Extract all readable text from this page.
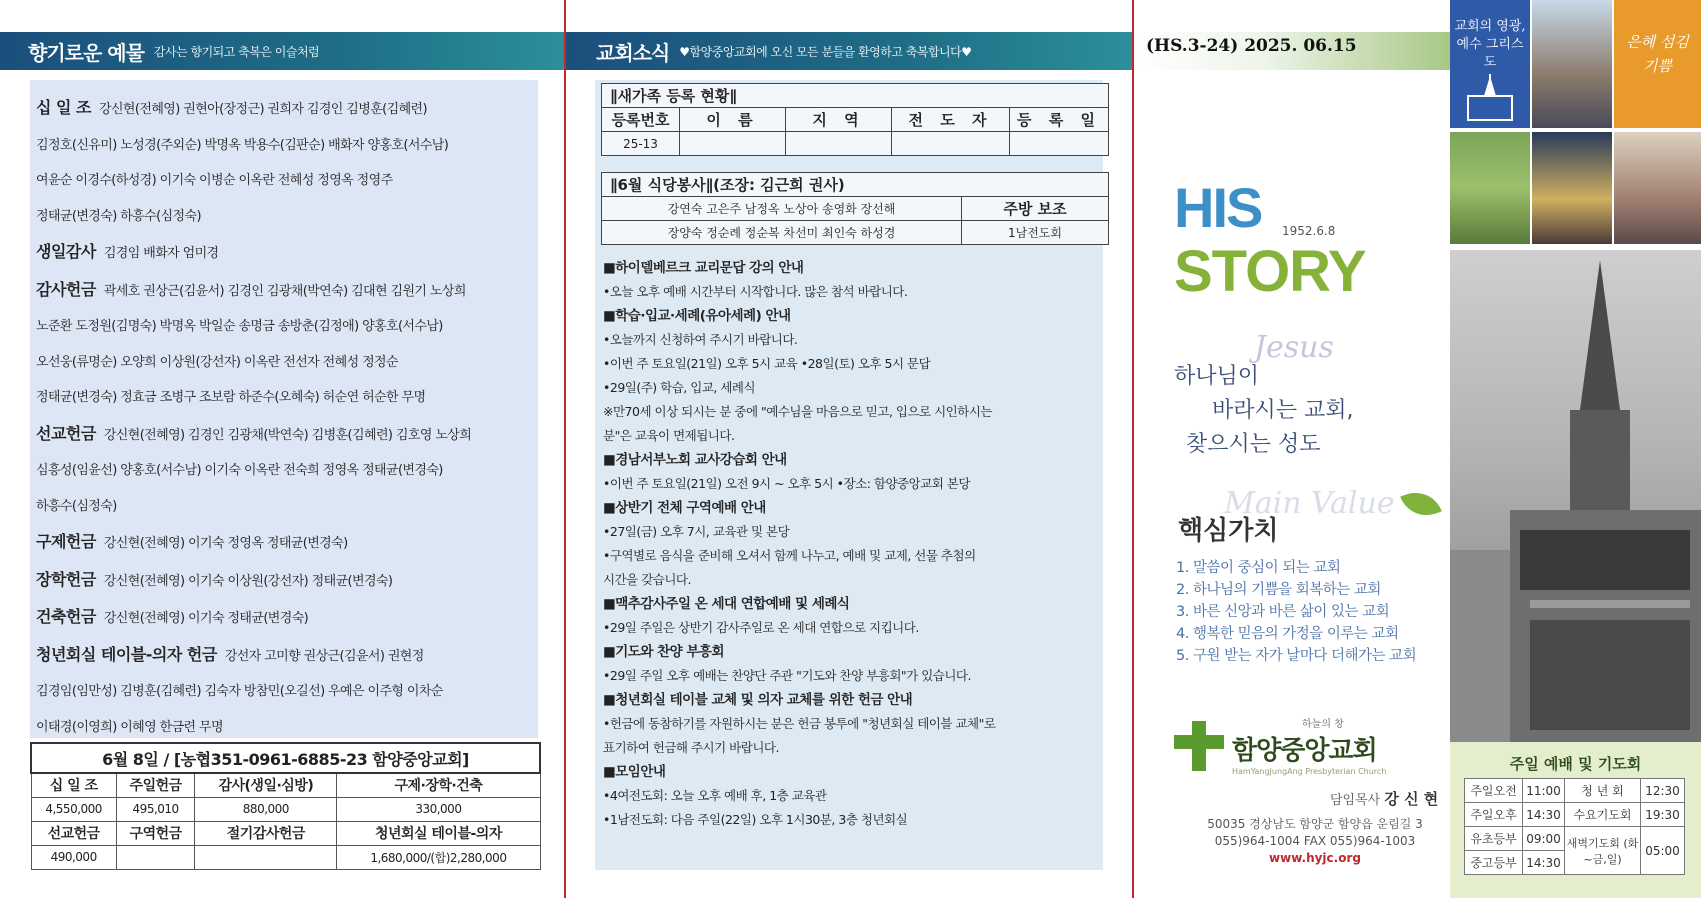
향기로운 예물 감사는 향기되고 축복은 이슬처럼
십 일 조 강신현(전혜영) 권현아(장정근) 권희자 김경인 김병훈(김혜련)
김정호(신유미) 노성경(주외순) 박명옥 박용수(김판순) 배화자 양홍호(서수남)
여윤순 이경수(하성경) 이기숙 이병순 이옥란 전혜성 정영옥 정영주
정태균(변경숙) 하흥수(심정숙)
생일감사 김경임 배화자 엄미경
감사헌금 곽세호 권상근(김윤서) 김경인 김광채(박연숙) 김대현 김원기 노상희
노준환 도정원(김명숙) 박명옥 박일순 송명금 송방춘(김정애) 양홍호(서수남)
오선웅(류명순) 오양희 이상원(강선자) 이옥란 전선자 전혜성 정정순
정태균(변경숙) 정효금 조병구 조보람 하준수(오혜숙) 허순연 허순한 무명
선교헌금 강신현(전혜영) 김경인 김광채(박연숙) 김병훈(김혜련) 김호영 노상희
심흥성(임윤선) 양홍호(서수남) 이기숙 이옥란 전숙희 정영옥 정태균(변경숙)
하흥수(심정숙)
구제헌금 강신현(전혜영) 이기숙 정영옥 정태균(변경숙)
장학헌금 강신현(전혜영) 이기숙 이상원(강선자) 정태균(변경숙)
건축헌금 강신현(전혜영) 이기숙 정태균(변경숙)
청년회실 테이블-의자 헌금 강선자 고미향 권상근(김윤서) 권현정
김경임(임만성) 김병훈(김혜련) 김숙자 방참민(오길선) 우예은 이주형 이차순
이태경(이영희) 이혜영 한금련 무명
6월 8일 / [농협351-0961-6885-23 함양중앙교회]			
십 일 조	주일헌금	감사(생일·심방)	구제·장학·건축
4,550,000	495,010	880,000	330,000
선교헌금	구역헌금	절기감사헌금	청년회실 테이블-의자
490,000			1,680,000/(합)2,280,000
교회소식 ♥함양중앙교회에 오신 모든 분들을 환영하고 축복합니다♥
∥새가족 등록 현황∥				
등록번호	이 름	지 역	전 도 자	등 록 일
25-13				
∥6월 식당봉사∥(조장: 김근희 권사)	
강연숙 고은주 남정옥 노상아 송영화 장선해	주방 보조
장양숙 정순례 정순복 차선미 최인숙 하성경	1남전도회
■하이델베르크 교리문답 강의 안내
•오늘 오후 예배 시간부터 시작합니다. 많은 참석 바랍니다.
■학습·입교·세례(유아세례) 안내
•오늘까지 신청하여 주시기 바랍니다.
•이번 주 토요일(21일) 오후 5시 교육 •28일(토) 오후 5시 문답
•29일(주) 학습, 입교, 세례식
※만70세 이상 되시는 분 중에 "예수님을 마음으로 믿고, 입으로 시인하시는
분"은 교육이 면제됩니다.
■경남서부노회 교사강습회 안내
•이번 주 토요일(21일) 오전 9시 ~ 오후 5시 •장소: 함양중앙교회 본당
■상반기 전체 구역예배 안내
•27일(금) 오후 7시, 교육관 및 본당
•구역별로 음식을 준비해 오셔서 함께 나누고, 예배 및 교제, 선물 추첨의
시간을 갖습니다.
■맥추감사주일 온 세대 연합예배 및 세례식
•29일 주일은 상반기 감사주일로 온 세대 연합으로 지킵니다.
■기도와 찬양 부흥회
•29일 주일 오후 예배는 찬양단 주관 "기도와 찬양 부흥회"가 있습니다.
■청년회실 테이블 교체 및 의자 교체를 위한 헌금 안내
•헌금에 동참하기를 자원하시는 분은 헌금 봉투에 "청년회실 테이블 교체"로
표기하여 헌금해 주시기 바랍니다.
■모임안내
•4여전도회: 오늘 오후 예배 후, 1층 교육관
•1남전도회: 다음 주일(22일) 오후 1시30분, 3층 청년회실
(HS.3-24) 2025. 06.15
HIS 1952.6.8
STORY
Jesus
하나님이
바라시는 교회,
찾으시는 성도
Main Value
핵심가치
1. 말씀이 중심이 되는 교회
2. 하나님의 기쁨을 회복하는 교회
3. 바른 신앙과 바른 삶이 있는 교회
4. 행복한 믿음의 가정을 이루는 교회
5. 구원 받는 자가 날마다 더해가는 교회
하늘의 창
함양중앙교회
HamYangJungAng Presbyterian Church
담임목사 강 신 현
50035 경상남도 함양군 함양읍 운림길 3
055)964-1004 FAX 055)964-1003
www.hyjc.org
교회의 영광, 예수 그리스도
은혜 섬김 기쁨
주일 예배 및 기도회
주일오전	11:00	청 년 회	12:30
주일오후	14:30	수요기도회	19:30
유초등부	09:00	새벽기도회 (화~금,일)	05:00
중고등부	14:30		
